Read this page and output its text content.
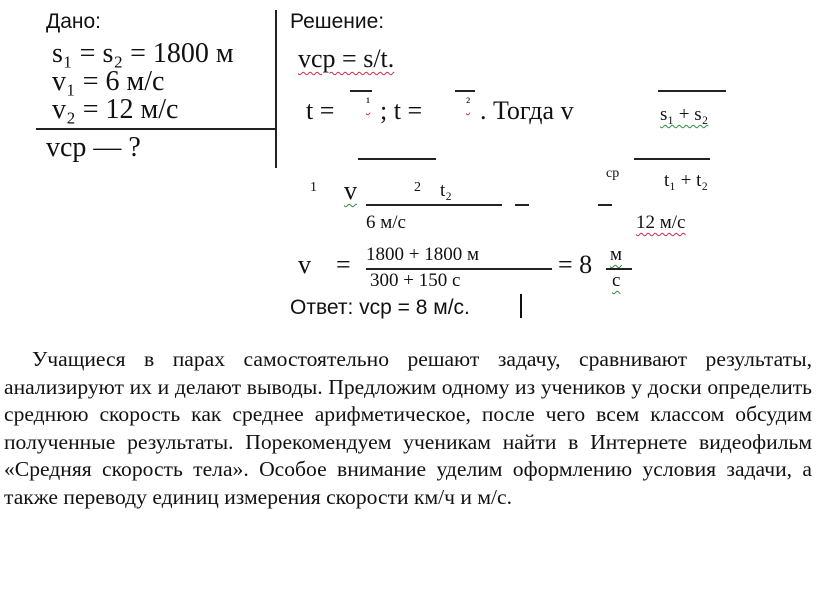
Дано:
s₁ = s₂ = 1800 м
v₁ = 6 м/с
v₂ = 12 м/с
vср — ?
Решение:
vср = s/t.
t = ¹ ; t =	² . Тогда v	s₁ + s₂
cp t₁ + t₂
1 v	2 t₂
6 м/с	12 м/с
1800 + 1800 м	м
v =	= 8
300 + 150 с	с
Ответ: vср = 8 м/с.
Учащиеся в парах самостоятельно решают задачу, сравнивают результаты, анализируют их и делают выводы. Предложим одному из учеников у доски определить среднюю скорость как среднее арифметическое, после чего всем классом обсудим полученные результаты. Порекомендуем ученикам найти в Интернете видеофильм «Средняя скорость тела». Особое внимание уделим оформлению условия задачи, а также переводу единиц измерения скорости км/ч и м/с.
